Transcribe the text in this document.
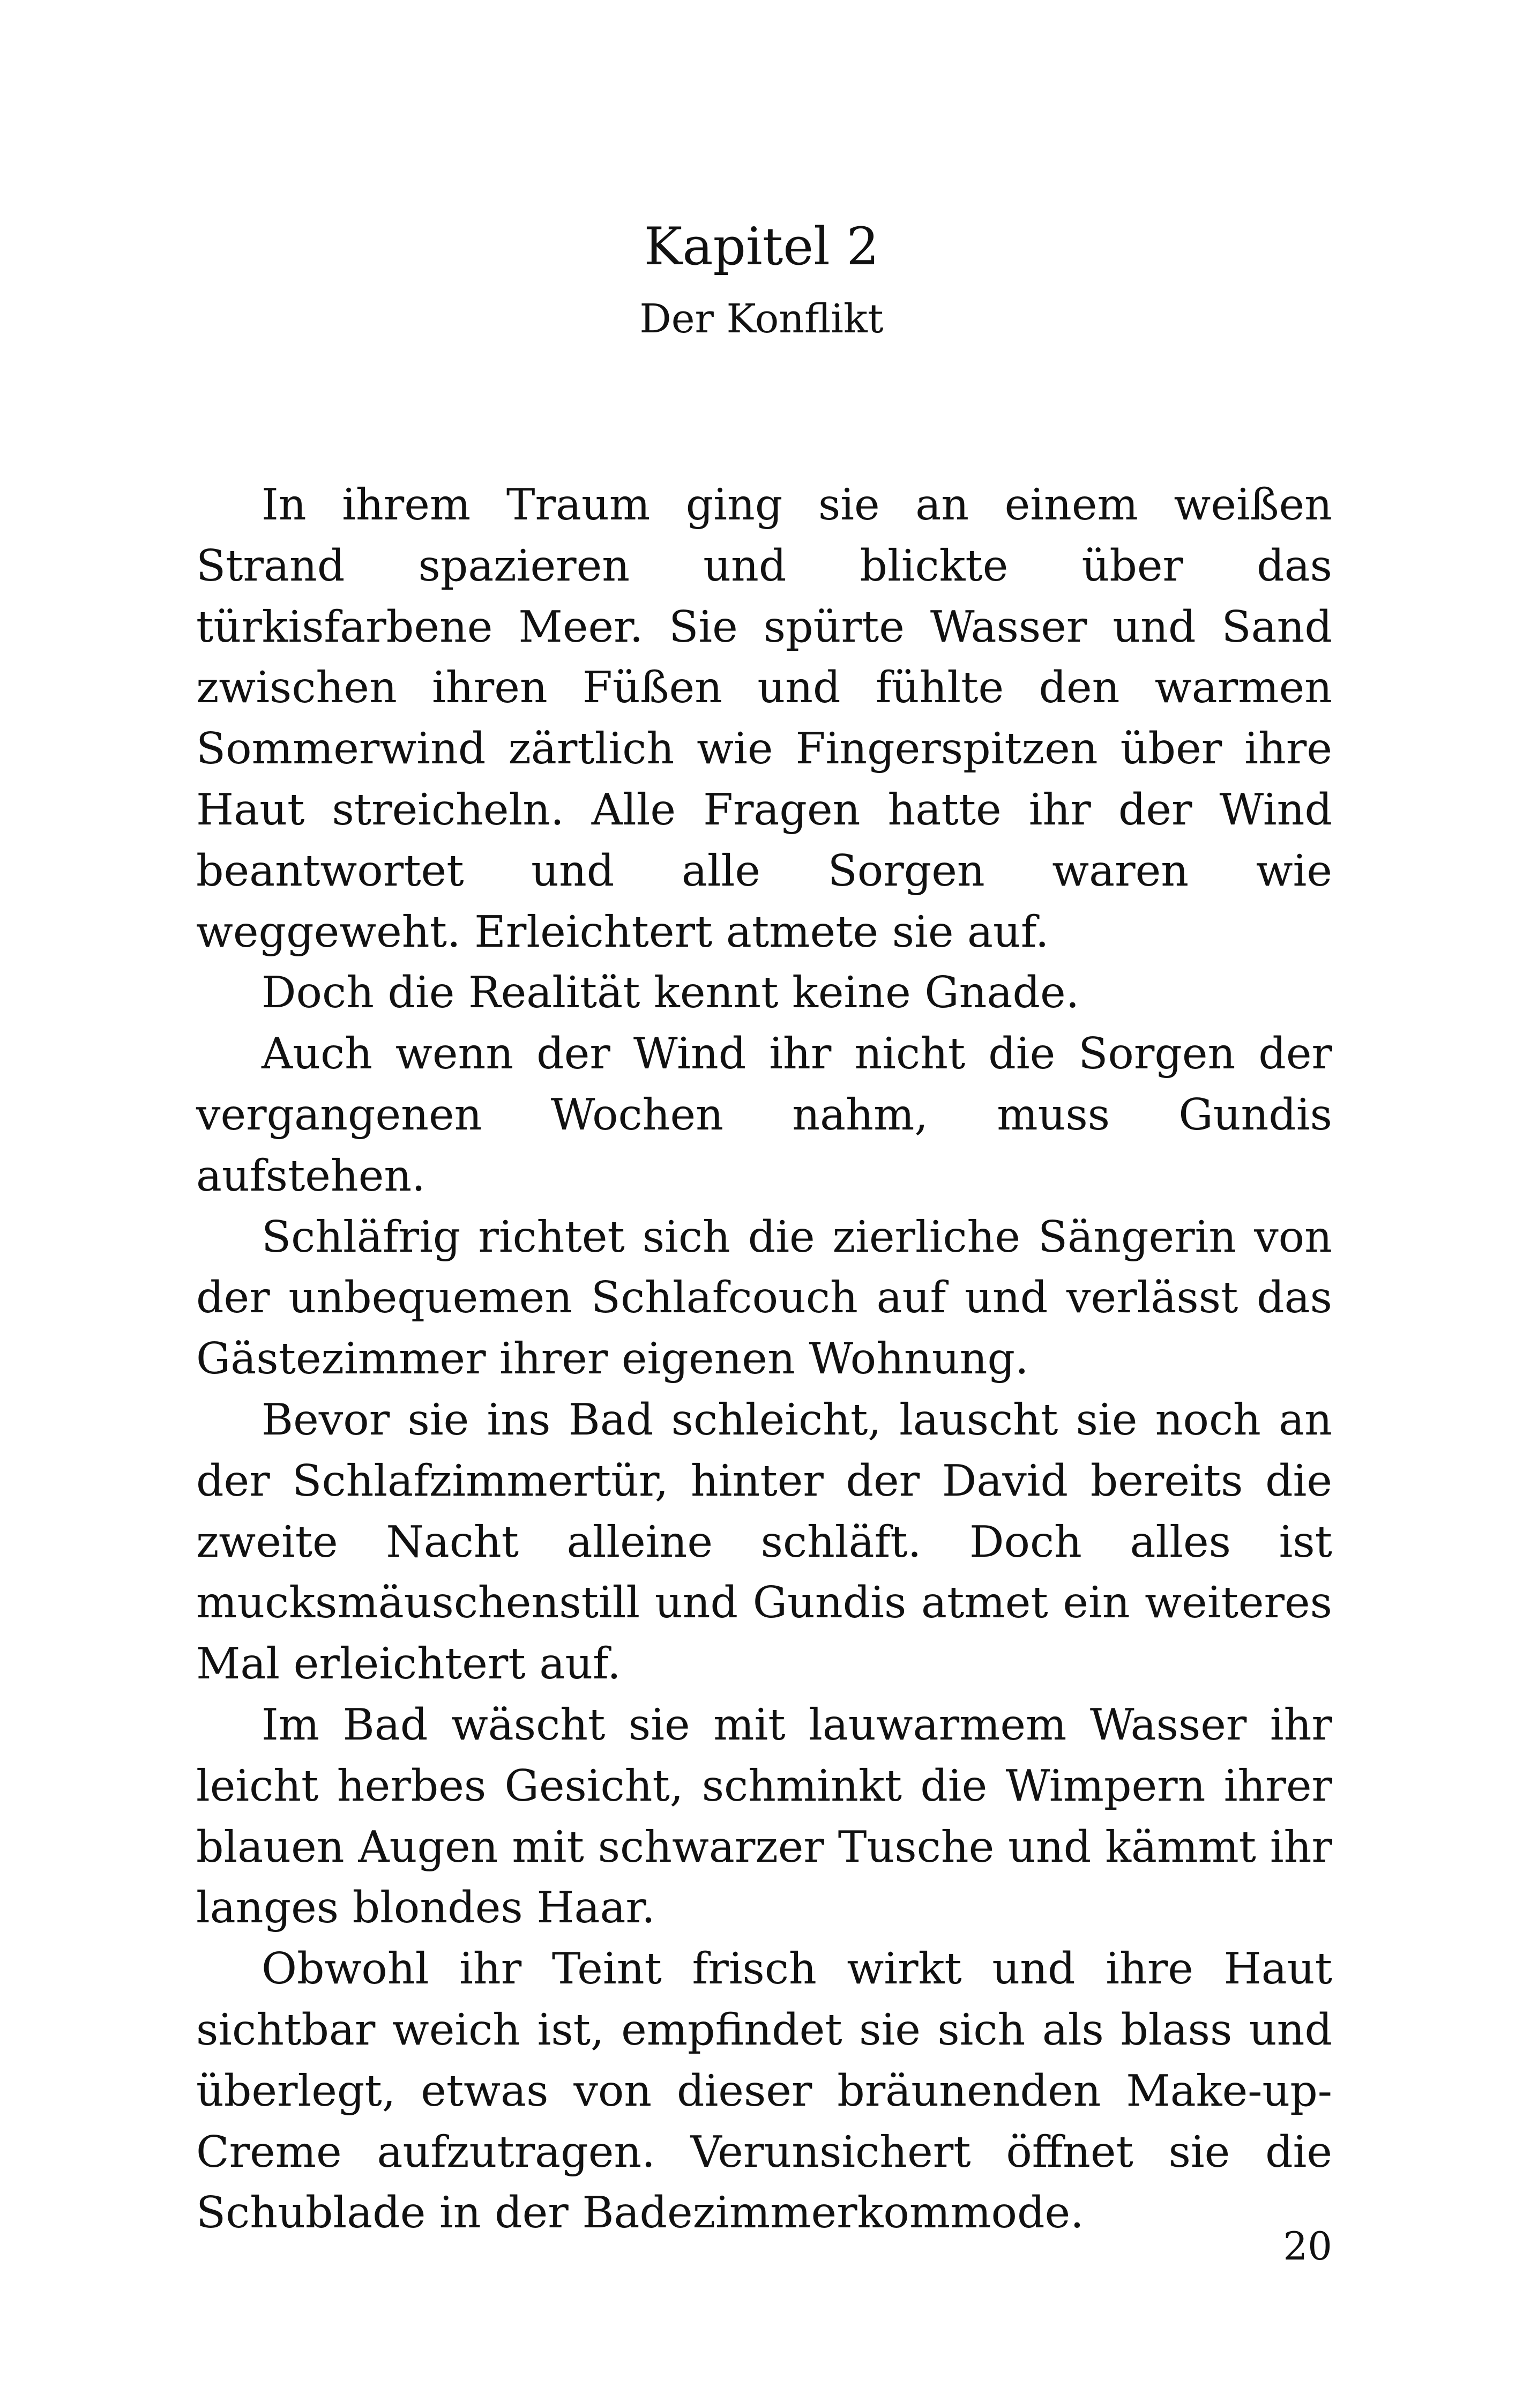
Kapitel 2
Der Konflikt

In ihrem Traum ging sie an einem weißen Strand spazieren und blickte über das türkisfarbene Meer. Sie spürte Wasser und Sand zwischen ihren Füßen und fühlte den warmen Sommerwind zärtlich wie Fingerspitzen über ihre Haut streicheln. Alle Fragen hatte ihr der Wind beantwortet und alle Sorgen waren wie weggeweht. Erleichtert atmete sie auf.

Doch die Realität kennt keine Gnade.

Auch wenn der Wind ihr nicht die Sorgen der vergangenen Wochen nahm, muss Gundis aufstehen.

Schläfrig richtet sich die zierliche Sängerin von der unbequemen Schlafcouch auf und verlässt das Gästezimmer ihrer eigenen Wohnung.

Bevor sie ins Bad schleicht, lauscht sie noch an der Schlafzimmertür, hinter der David bereits die zweite Nacht alleine schläft. Doch alles ist mucksmäuschenstill und Gundis atmet ein weiteres Mal erleichtert auf.

Im Bad wäscht sie mit lauwarmem Wasser ihr leicht herbes Gesicht, schminkt die Wimpern ihrer blauen Augen mit schwarzer Tusche und kämmt ihr langes blondes Haar.

Obwohl ihr Teint frisch wirkt und ihre Haut sichtbar weich ist, empfindet sie sich als blass und überlegt, etwas von dieser bräunenden Make-up-Creme aufzutragen. Verunsichert öffnet sie die Schublade in der Badezimmerkommode.

20
